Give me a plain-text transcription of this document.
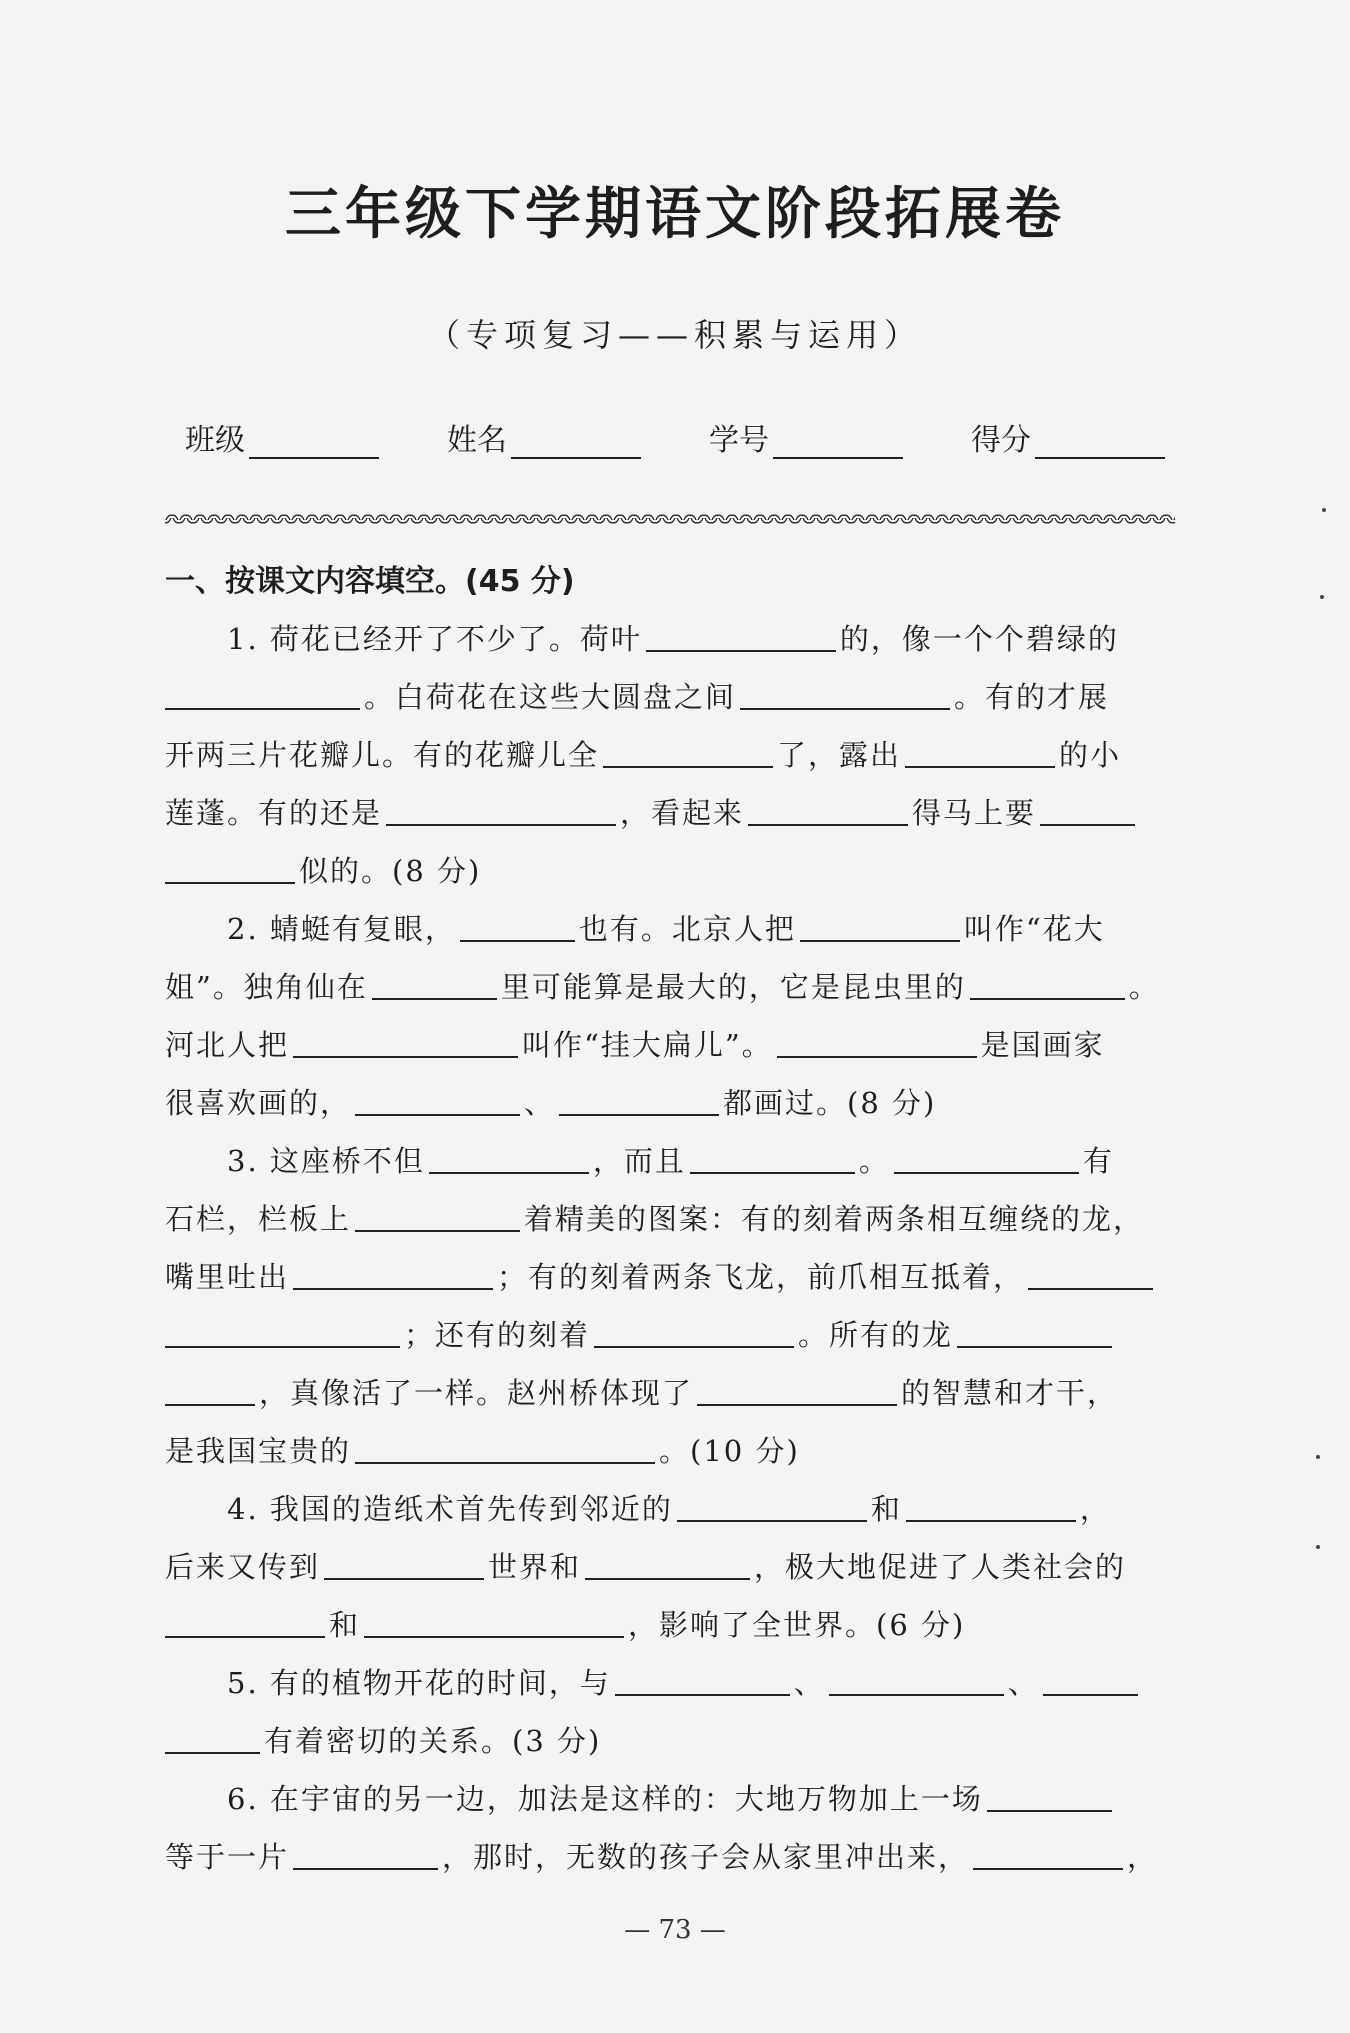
三年级下学期语文阶段拓展卷
（专项复习——积累与运用）
班级	姓名	学号	得分
一、按课文内容填空。(45 分)
1. 荷花已经开了不少了。荷叶	的，像一个个碧绿的
。白荷花在这些大圆盘之间	。有的才展
开两三片花瓣儿。有的花瓣儿全	了，露出	的小
莲蓬。有的还是	，看起来	得马上要
似的。(8 分)
2. 蜻蜓有复眼，	也有。北京人把	叫作“花大
姐”。独角仙在	里可能算是最大的，它是昆虫里的	。
河北人把	叫作“挂大扁儿”。	是国画家
很喜欢画的，	、	都画过。(8 分)
3. 这座桥不但	，而且	。	有
石栏，栏板上	着精美的图案：有的刻着两条相互缠绕的龙，
嘴里吐出	；有的刻着两条飞龙，前爪相互抵着，
；还有的刻着	。所有的龙
，真像活了一样。赵州桥体现了	的智慧和才干，
是我国宝贵的	。(10 分)
4. 我国的造纸术首先传到邻近的	和	，
后来又传到	世界和	，极大地促进了人类社会的
和	，影响了全世界。(6 分)
5. 有的植物开花的时间，与	、	、
有着密切的关系。(3 分)
6. 在宇宙的另一边，加法是这样的：大地万物加上一场
等于一片	，那时，无数的孩子会从家里冲出来，	，
— 73 —
